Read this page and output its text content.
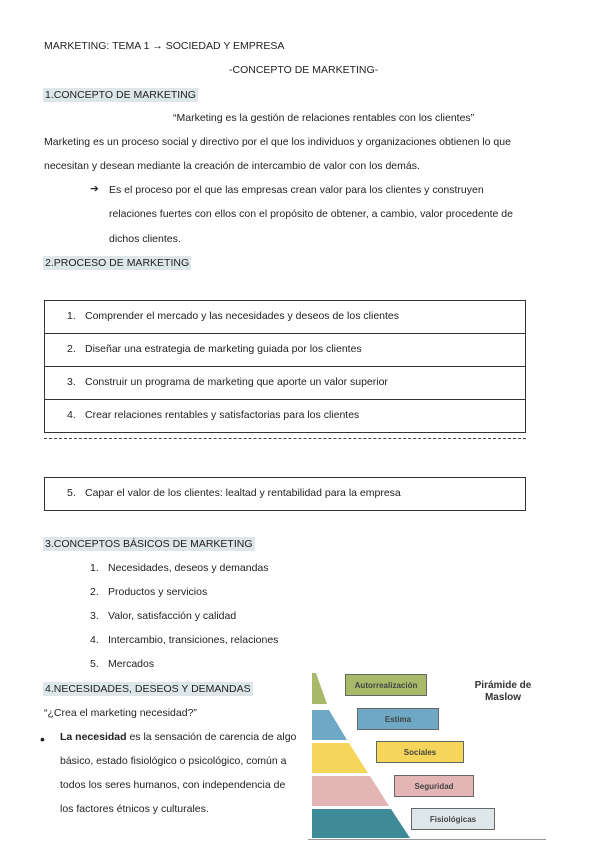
MARKETING: TEMA 1 → SOCIEDAD Y EMPRESA
-CONCEPTO DE MARKETING-
1.CONCEPTO DE MARKETING
“Marketing es la gestión de relaciones rentables con los clientes”
Marketing es un proceso social y directivo por el que los individuos y organizaciones obtienen lo que
necesitan y desean mediante la creación de intercambio de valor con los demás.
➔ Es el proceso por el que las empresas crean valor para los clientes y construyen
relaciones fuertes con ellos con el propósito de obtener, a cambio, valor procedente de
dichos clientes.
2.PROCESO DE MARKETING
1. Comprender el mercado y las necesidades y deseos de los clientes
2. Diseñar una estrategia de marketing guiada por los clientes
3. Construir un programa de marketing que aporte un valor superior
4. Crear relaciones rentables y satisfactorias para los clientes
5. Capar el valor de los clientes: lealtad y rentabilidad para la empresa
3.CONCEPTOS BÁSICOS DE MARKETING
1. Necesidades, deseos y demandas
2. Productos y servicios
3. Valor, satisfacción y calidad
4. Intercambio, transiciones, relaciones
5. Mercados
4.NECESIDADES, DESEOS Y DEMANDAS
“¿Crea el marketing necesidad?”
• La necesidad es la sensación de carencia de algo
básico, estado fisiológico o psicológico, común a
todos los seres humanos, con independencia de
los factores étnicos y culturales.
Autorrealización
Estima
Sociales
Seguridad
Fisiológicas
Pirámide de
Maslow
